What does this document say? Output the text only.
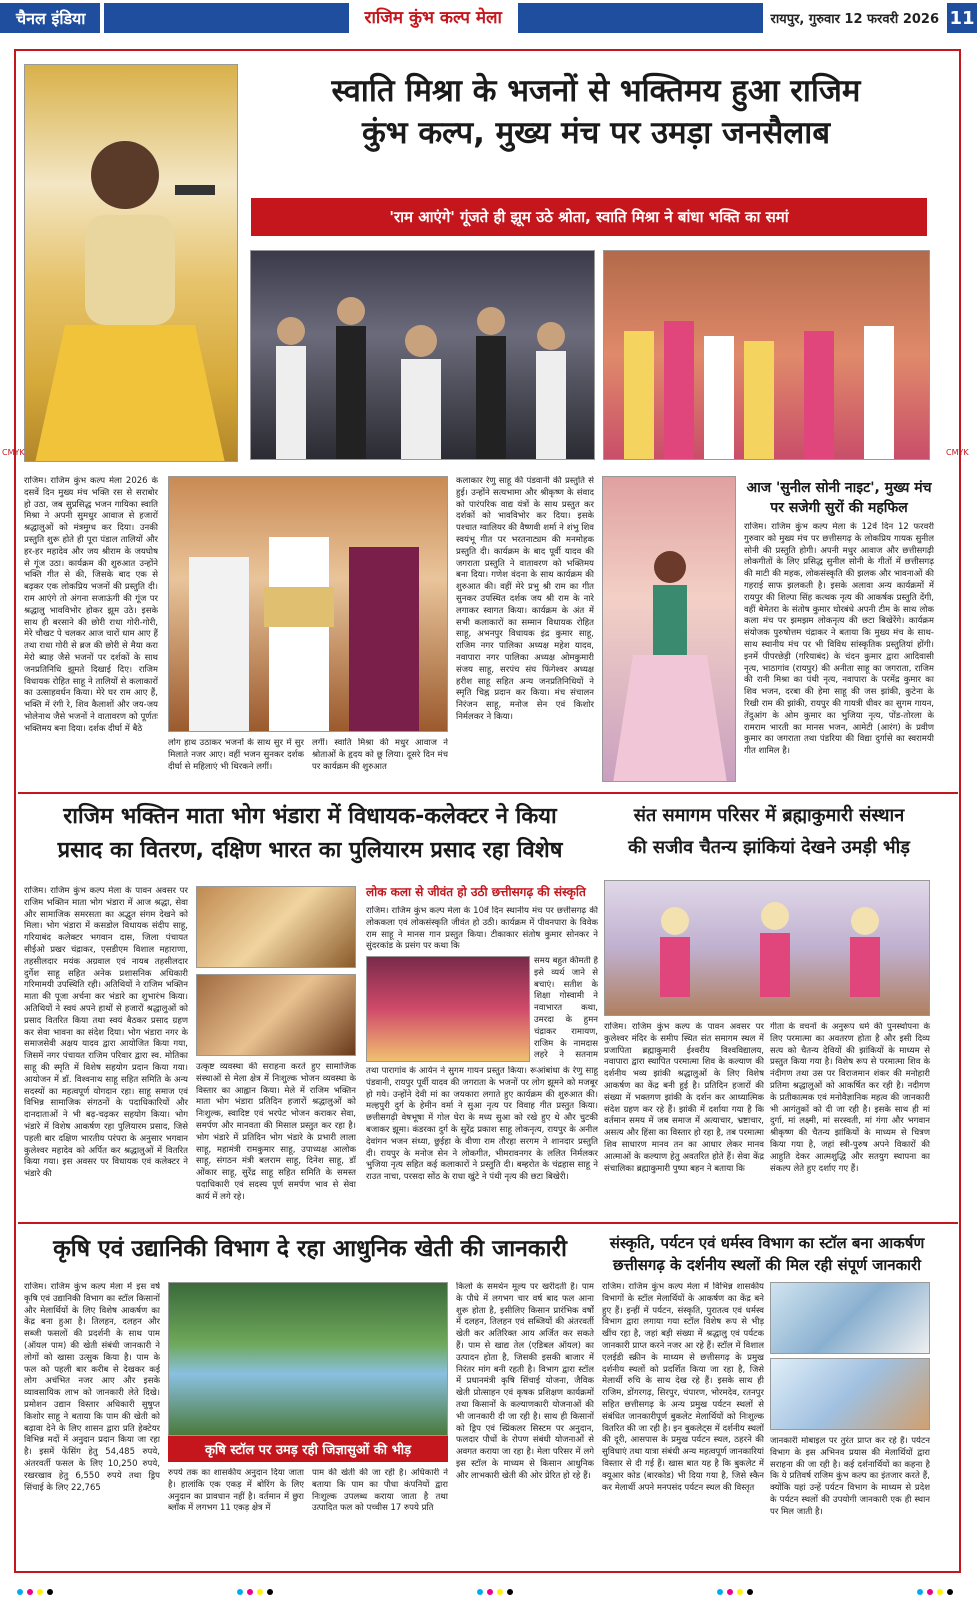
चैनल इंडिया	राजिम कुंभ कल्प मेला	रायपुर, गुरुवार 12 फरवरी 2026 11
स्वाति मिश्रा के भजनों से भक्तिमय हुआ राजिम
कुंभ कल्प, मुख्य मंच पर उमड़ा जनसैलाब
'राम आएंगे' गूंजते ही झूम उठे श्रोता, स्वाति मिश्रा ने बांधा भक्ति का समां
राजिम। राजिम कुंभ कल्प मेला 2026 के दसवें दिन मुख्य मंच भक्ति रस से सराबोर हो उठा, जब सुप्रसिद्ध भजन गायिका स्वाति मिश्रा ने अपनी सुमधुर आवाज से हजारों श्रद्धालुओं को मंत्रमुग्ध कर दिया। उनकी प्रस्तुति शुरू होते ही पूरा पंडाल तालियों और हर-हर महादेव और जय श्रीराम के जयघोष से गूंज उठा। कार्यक्रम की शुरुआत उन्होंने भक्ति गीत से की, जिसके बाद एक से बढ़कर एक लोकप्रिय भजनों की प्रस्तुति दी। राम आएंगे तो अंगना सजाऊंगी की गूंज पर श्रद्धालु भावविभोर होकर झूम उठे। इसके साथ ही बरसाने की छोरी राधा गोरी-गोरी, मेरे चौखट पे चलकर आज चारों धाम आए हैं तथा राधा गोरी से ब्रज की छोरी से मैया करा मेरो ब्याह जैसे भजनों पर दर्शकों के साथ जनप्रतिनिधि झूमते दिखाई दिए। राजिम विधायक रोहित साहू ने तालियों से कलाकारों का उत्साहवर्धन किया। मेरे घर राम आए हैं, भक्ति में रंगी रे, शिव कैलाशों और जय-जय भोलेनाथ जैसे भजनों ने वातावरण को पूर्णतः भक्तिमय बना दिया। दर्शक दीर्घा में बैठे
लोग हाथ उठाकर भजनों के साथ सुर में सुर मिलाते नजर आए। वहीं भजन सुनकर दर्शक दीर्घा से महिलाएं भी थिरकने लगीं।
लगीं। स्वाति मिश्रा की मधुर आवाज ने श्रोताओं के हृदय को छू लिया। दूसरे दिन मंच पर कार्यक्रम की शुरुआत
कलाकार रेणु साहू की पंडवानी की प्रस्तुति से हुई। उन्होंने सत्यभामा और श्रीकृष्ण के संवाद को पारंपरिक वाद्य यंत्रों के साथ प्रस्तुत कर दर्शकों को भावविभोर कर दिया। इसके पश्चात ग्वालियर की वैष्णवी शर्मा ने शंभु शिव स्वयंभू गीत पर भरतनाट्यम की मनमोहक प्रस्तुति दी। कार्यक्रम के बाद पूर्वी यादव की जगराता प्रस्तुति ने वातावरण को भक्तिमय बना दिया। गणेश वंदना के साथ कार्यक्रम की शुरुआत की। वहीं मेरे प्रभु श्री राम का गीत सुनकर उपस्थित दर्शक जय श्री राम के नारे लगाकर स्वागत किया। कार्यक्रम के अंत में सभी कलाकारों का सम्मान विधायक रोहित साहू, अभनपुर विधायक इंद्र कुमार साहू, राजिम नगर पालिका अध्यक्ष महेश यादव, नवापारा नगर पालिका अध्यक्ष ओमकुमारी संजय साहू, सरपंच संघ फिंगेश्वर अध्यक्ष हरीश साहू सहित अन्य जनप्रतिनिधियों ने स्मृति चिह्न प्रदान कर किया। मंच संचालन निरंजन साहू, मनोज सेन एवं किशोर निर्मलकर ने किया।
आज 'सुनील सोनी नाइट', मुख्य मंच पर सजेगी सुरों की महफिल
राजिम। राजिम कुंभ कल्प मेला के 12वें दिन 12 फरवरी गुरुवार को मुख्य मंच पर छत्तीसगढ़ के लोकप्रिय गायक सुनील सोनी की प्रस्तुति होगी। अपनी मधुर आवाज और छत्तीसगढ़ी लोकगीतों के लिए प्रसिद्ध सुनील सोनी के गीतों में छत्तीसगढ़ की माटी की महक, लोकसंस्कृति की झलक और भावनाओं की गहराई साफ झलकती है। इसके अलावा अन्य कार्यक्रमों में रायपुर की शिल्पा सिंह कत्थक नृत्य की आकर्षक प्रस्तुति देंगी, वहीं बेमेतरा के संतोष कुमार घोरबंधे अपनी टीम के साथ लोक कला मंच पर झमझम लोकनृत्य की छटा बिखेरेंगे। कार्यक्रम संयोजक पुरुषोत्तम चंद्राकर ने बताया कि मुख्य मंच के साथ-साथ स्थानीय मंच पर भी विविध सांस्कृतिक प्रस्तुतियां होंगी। इनमें पीपरछेड़ी (गरियाबंद) के चंदन कुमार द्वारा आदिवासी नृत्य, भाठागांव (रायपुर) की अनीता साहू का जगराता, राजिम की रानी मिश्रा का पंथी नृत्य, नवापारा के परमेंद्र कुमार का शिव भजन, दरबा की हेमा साहू की जस झांकी, कुटेना के रिखी राम की झांकी, रायपुर की गायत्री धीवर का सुगम गायन, तेंदुआंग के ओम कुमार का भुजिया नृत्य, पोंड-तोरला के रामराम भारती का मानस भजन, आमेटी (आरंग) के प्रवीण कुमार का जगराता तथा पंडरिया की विद्या दुर्गासे का स्वरामयी गीत शामिल है।
राजिम भक्तिन माता भोग भंडारा में विधायक-कलेक्टर ने किया
प्रसाद का वितरण, दक्षिण भारत का पुलियारम प्रसाद रहा विशेष
राजिम। राजिम कुंभ कल्प मेला के पावन अवसर पर राजिम भक्तिन माता भोग भंडारा में आज श्रद्धा, सेवा और सामाजिक समरसता का अद्भुत संगम देखने को मिला। भोग भंडारा में कसडोल विधायक संदीप साहू, गरियाबंद कलेक्टर भगवान दास, जिला पंचायत सीईओ प्रखर चंद्राकर, एसडीएम विशाल महाराणा, तहसीलदार मयंक अग्रवाल एवं नायब तहसीलदार दुर्गेश साहू सहित अनेक प्रशासनिक अधिकारी गरिमामयी उपस्थिति रही। अतिथियों ने राजिम भक्तिन माता की पूजा अर्चना कर भंडारे का शुभारंभ किया। अतिथियों ने स्वयं अपने हाथों से हजारों श्रद्धालुओं को प्रसाद वितरित किया तथा स्वयं बैठकर प्रसाद ग्रहण कर सेवा भावना का संदेश दिया। भोग भंडारा नगर के समाजसेवी अक्षय यादव द्वारा आयोजित किया गया, जिसमें नगर पंचायत राजिम परिवार द्वारा स्व. मोतिका साहू की स्मृति में विशेष सहयोग प्रदान किया गया। आयोजन में डॉ. विश्वनाथ साहू सहित समिति के अन्य सदस्यों का महत्वपूर्ण योगदान रहा। साहू समाज एवं विभिन्न सामाजिक संगठनों के पदाधिकारियों और दानदाताओं ने भी बढ़-चढ़कर सहयोग किया। भोग भंडारे में विशेष आकर्षण रहा पुलियारम प्रसाद, जिसे पहली बार दक्षिण भारतीय परंपरा के अनुसार भगवान कुलेश्वर महादेव को अर्पित कर श्रद्धालुओं में वितरित किया गया। इस अवसर पर विधायक एवं कलेक्टर ने भंडारे की
उत्कृष्ट व्यवस्था की सराहना करते हुए सामाजिक संस्थाओं से मेला क्षेत्र में निःशुल्क भोजन व्यवस्था के विस्तार का आह्वान किया। मेले में राजिम भक्तिन माता भोग भंडारा प्रतिदिन हजारों श्रद्धालुओं को निःशुल्क, स्वादिष्ट एवं भरपेट भोजन कराकर सेवा, समर्पण और मानवता की मिसाल प्रस्तुत कर रहा है। भोग भंडारे में प्रतिदिन भोग भंडारे के प्रभारी लाला साहू, महामंत्री रामकुमार साहू, उपाध्यक्ष आलोक साहू, संगठन मंत्री बलराम साहू, दिनेश साहू, डॉ ओंकार साहू, सुरेंद्र साहू सहित समिति के समस्त पदाधिकारी एवं सदस्य पूर्ण समर्पण भाव से सेवा कार्य में लगे रहे।
लोक कला से जीवंत हो उठी छत्तीसगढ़ की संस्कृति
राजिम। राजिम कुंभ कल्प मेला के 10वें दिन स्थानीय मंच पर छत्तीसगढ़ की लोककला एवं लोकसंस्कृति जीवंत हो उठी। कार्यक्रम में पीवनपारा के विवेक राम साहू ने मानस गान प्रस्तुत किया। टीकाकार संतोष कुमार सोनकर ने सुंदरकांड के प्रसंग पर कथा कि
समय बहुत कीमती है इसे व्यर्थ जाने से बचाएं। सतीश के शिक्षा गोस्वामी ने नवाभारत कथा, उमरदा के हुमन चंद्राकर रामायण, राजिम के नामदास लहरे ने सतनाम
तथा पारागांव के आर्यन ने सुगम गायन प्रस्तुत किया। रूआंबांधा के रेणु साहू पंडवानी, रायपुर पूर्वी यादव की जगराता के भजनों पर लोग झूमने को मजबूर हो गये। उन्होंने देवी मां का जयकारा लगाते हुए कार्यक्रम की शुरुआत की। मल्हपुरी दुर्ग के हेमीन वर्मा ने सुआ नृत्य पर विवाह गीत प्रस्तुत किया। छत्तीसगढ़ी वेषभूषा में गोल घेरा के मध्य सुआ को रखे हुए थे और चुटकी बजाकर झूमा। कंडरका दुर्ग के सुरेंद्र प्रकाश साहू लोकनृत्य, रायपुर के अनील देवांगन भजन संध्या, छुईहा के वीणा राम तौरहा सरगम ने शानदार प्रस्तुति दी। रायपुर के मनोज सेन ने लोकगीत, भीमरावनगर के ललित निर्मलकर भुजिया नृत्य सहित कई कलाकारों ने प्रस्तुति दी। बम्हरोत के चंद्रहास साहू ने राउत नाचा, परसदा सोंठ के राधा खुंटे ने पंथी नृत्य की छटा बिखेरी।
संत समागम परिसर में ब्रह्माकुमारी संस्थान
की सजीव चैतन्य झांकियां देखने उमड़ी भीड़
राजिम। राजिम कुंभ कल्प के पावन अवसर पर कुलेश्वर मंदिर के समीप स्थित संत समागम स्थल में प्रजापिता ब्रह्माकुमारी ईश्वरीय विश्वविद्यालय, नवापारा द्वारा स्थापित परमात्मा शिव के कल्याण की दर्शनीय भव्य झांकी श्रद्धालुओं के लिए विशेष आकर्षण का केंद्र बनी हुई है। प्रतिदिन हजारों की संख्या में भक्तगण झांकी के दर्शन कर आध्यात्मिक संदेश ग्रहण कर रहे हैं। झांकी में दर्शाया गया है कि वर्तमान समय में जब समाज में अत्याचार, भ्रष्टाचार, असत्य और हिंसा का विस्तार हो रहा है, तब परमात्मा शिव साधारण मानव तन का आधार लेकर मानव आत्माओं के कल्याण हेतु अवतरित होते हैं। सेवा केंद्र संचालिका ब्रह्माकुमारी पुष्पा बहन ने बताया कि
गीता के वचनों के अनुरूप धर्म की पुनर्स्थापना के लिए परमात्मा का अवतरण होता है और इसी दिव्य सत्य को चैतन्य देवियों की झांकियों के माध्यम से प्रस्तुत किया गया है। विशेष रूप से परमात्मा शिव के नंदीगण तथा उस पर विराजमान शंकर की मनोहारी प्रतिमा श्रद्धालुओं को आकर्षित कर रही है। नदीगण के प्रतीकात्मक एवं मनोवैज्ञानिक महत्व की जानकारी भी आगंतुकों को दी जा रही है। इसके साथ ही मां दुर्गा, मां लक्ष्मी, मां सरस्वती, मां गंगा और भगवान श्रीकृष्ण की चैतन्य झांकियों के माध्यम से चित्रण किया गया है, जहां स्त्री-पुरुष अपने विकारों की आहुति देकर आत्मशुद्धि और सतयुग स्थापना का संकल्प लेते हुए दर्शाए गए हैं।
कृषि एवं उद्यानिकी विभाग दे रहा आधुनिक खेती की जानकारी
राजिम। राजिम कुंभ कल्प मेला में इस वर्ष कृषि एवं उद्यानिकी विभाग का स्टॉल किसानों और मेलार्थियों के लिए विशेष आकर्षण का केंद्र बना हुआ है। तिलहन, दलहन और सब्जी फसलों की प्रदर्शनी के साथ पाम (ऑयल पाम) की खेती संबंधी जानकारी ने लोगों को खासा उत्सुक किया है। पाम के फल को पहली बार करीब से देखकर कई लोग अचंभित नजर आए और इसके व्यावसायिक लाभ को जानकारी लेते दिखे। प्रमोशन उद्यान विस्तार अधिकारी सुषुप्त किशोर साहू ने बताया कि पाम की खेती को बढ़ावा देने के लिए शासन द्वारा प्रति हेक्टेयर विभिन्न मदों में अनुदान प्रदान किया जा रहा है। इसमें फेंसिंग हेतु 54,485 रुपये, अंतरवर्ती फसल के लिए 10,250 रुपये, रखरखाव हेतु 6,550 रुपये तथा ड्रिप सिंचाई के लिए 22,765
कृषि स्टॉल पर उमड़ रही जिज्ञासुओं की भीड़
रुपये तक का शासकीय अनुदान दिया जाता है। हालांकि एक एकड़ में बोरिंग के लिए अनुदान का प्रावधान नहीं है। वर्तमान में छुरा ब्लॉक में लगभग 11 एकड़ क्षेत्र में
पाम की खेती की जा रही है। अधिकारी ने बताया कि पाम का पौधा कंपनियों द्वारा निःशुल्क उपलब्ध कराया जाता है तथा उत्पादित फल को पच्चीस 17 रुपये प्रति
किलो के समर्थन मूल्य पर खरीदती है। पाम के पौधे में लगभग चार वर्ष बाद फल आना शुरू होता है, इसीलिए किसान प्रारंभिक वर्षों में दलहन, तिलहन एवं सब्जियों की अंतरवर्ती खेती कर अतिरिक्त आय अर्जित कर सकते हैं। पाम से खाद्य तेल (एडिबल ऑयल) का उत्पादन होता है, जिसकी इसकी बाजार में निरंतर मांग बनी रहती है। विभाग द्वारा स्टॉल में प्रधानमंत्री कृषि सिंचाई योजना, जैविक खेती प्रोत्साहन एवं कृषक प्रशिक्षण कार्यक्रमों तथा किसानों के कल्याणकारी योजनाओं की भी जानकारी दी जा रही है। साथ ही किसानों को ड्रिप एवं स्प्रिंकलर सिस्टम पर अनुदान, फलदार पौधों के रोपण संबंधी योजनाओं से अवगत कराया जा रहा है। मेला परिसर में लगे इस स्टॉल के माध्यम से किसान आधुनिक और लाभकारी खेती की ओर प्रेरित हो रहे हैं।
संस्कृति, पर्यटन एवं धर्मस्व विभाग का स्टॉल बना आकर्षण
छत्तीसगढ़ के दर्शनीय स्थलों की मिल रही संपूर्ण जानकारी
राजिम। राजिम कुंभ कल्प मेला में विभिन्न शासकीय विभागों के स्टॉल मेलार्थियों के आकर्षण का केंद्र बने हुए हैं। इन्हीं में पर्यटन, संस्कृति, पुरातत्व एवं धर्मस्व विभाग द्वारा लगाया गया स्टॉल विशेष रूप से भीड़ खींच रहा है, जहां बड़ी संख्या में श्रद्धालु एवं पर्यटक जानकारी प्राप्त करने नजर आ रहे हैं। स्टॉल में विशाल एलईडी स्क्रीन के माध्यम से छत्तीसगढ़ के प्रमुख दर्शनीय स्थलों को प्रदर्शित किया जा रहा है, जिसे मेलार्थी रुचि के साथ देख रहे हैं। इसके साथ ही राजिम, डोंगरगढ़, सिरपुर, चंपारण, भोरमदेव, रतनपुर सहित छत्तीसगढ़ के अन्य प्रमुख पर्यटन स्थलों से संबंधित जानकारीपूर्ण बुकलेट मेलार्थियों को निःशुल्क वितरित की जा रही है। इन बुकलेट्स में दर्शनीय स्थलों की दूरी, आसपास के प्रमुख पर्यटन स्थल, ठहरने की सुविधाएं तथा यात्रा संबंधी अन्य महत्वपूर्ण जानकारियां विस्तार से दी गई हैं। खास बात यह है कि बुकलेट में क्यूआर कोड (बारकोड) भी दिया गया है, जिसे स्कैन कर मेलार्थी अपने मनपसंद पर्यटन स्थल की विस्तृत
जानकारी मोबाइल पर तुरंत प्राप्त कर रहे हैं। पर्यटन विभाग के इस अभिनव प्रयास की मेलार्थियों द्वारा सराहना की जा रही है। कई दर्शनार्थियों का कहना है कि ये प्रतिवर्ष राजिम कुंभ कल्प का इंतजार करते हैं, क्योंकि यहां उन्हें पर्यटन विभाग के माध्यम से प्रदेश के पर्यटन स्थलों की उपयोगी जानकारी एक ही स्थान पर मिल जाती है।
CMYK	CMYK
